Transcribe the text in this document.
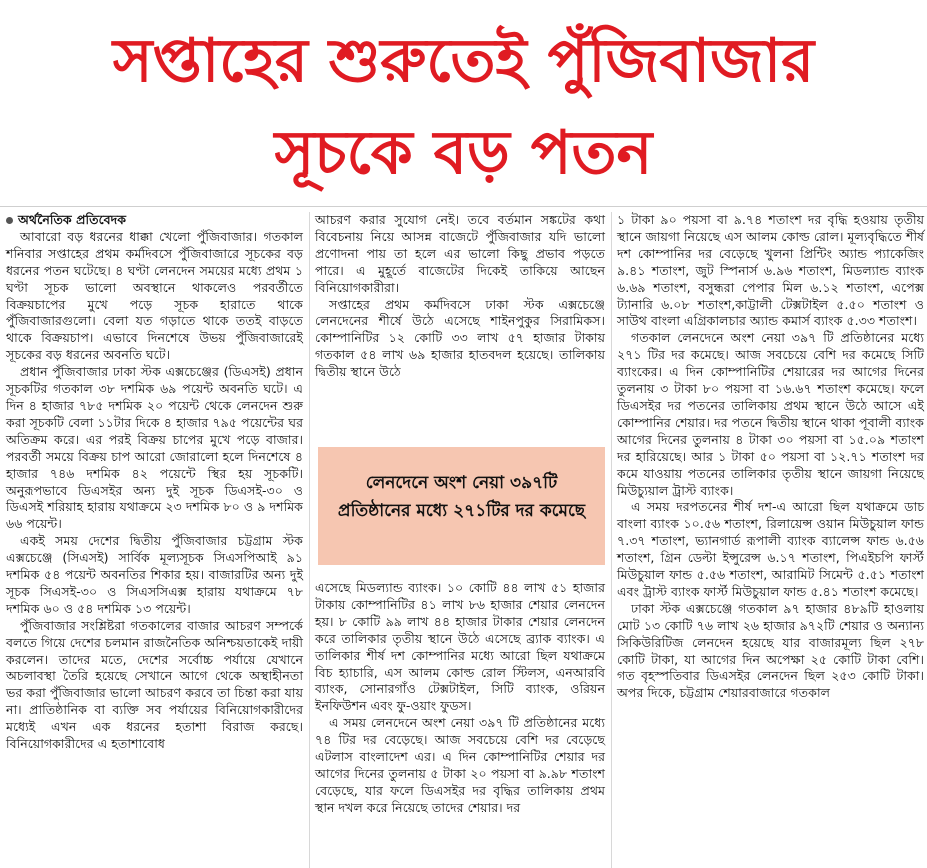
সপ্তাহের শুরুতেই পুঁজিবাজার
সূচকে বড় পতন

অর্থনৈতিক প্রতিবেদক

আবারো বড় ধরনের ধাক্কা খেলো পুঁজিবাজার। গতকাল শনিবার সপ্তাহের প্রথম কর্মদিবসে পুঁজিবাজারে সূচকের বড় ধরনের পতন ঘটেছে। ৪ ঘণ্টা লেনদেন সময়ের মধ্যে প্রথম ১ ঘণ্টা সূচক ভালো অবস্থানে থাকলেও পরবর্তীতে বিক্রয়চাপের মুখে পড়ে সূচক হারাতে থাকে পুঁজিবাজারগুলো। বেলা যত গড়াতে থাকে ততই বাড়তে থাকে বিক্রয়চাপ। এভাবে দিনশেষে উভয় পুঁজিবাজারেই সূচকের বড় ধরনের অবনতি ঘটে।

প্রধান পুঁজিবাজার ঢাকা স্টক এক্সচেঞ্জের (ডিএসই) প্রধান সূচকটির গতকাল ৩৮ দশমিক ৬৯ পয়েন্ট অবনতি ঘটে। এ দিন ৪ হাজার ৭৮৫ দশমিক ২০ পয়েন্ট থেকে লেনদেন শুরু করা সূচকটি বেলা ১১টার দিকে ৪ হাজার ৭৯৫ পয়েন্টের ঘর অতিক্রম করে। এর পরই বিক্রয় চাপের মুখে পড়ে বাজার। পরবর্তী সময়ে বিক্রয় চাপ আরো জোরালো হলে দিনশেষে ৪ হাজার ৭৪৬ দশমিক ৪২ পয়েন্টে স্থির হয় সূচকটি। অনুরূপভাবে ডিএসইর অন্য দুই সূচক ডিএসই-৩০ ও ডিএসই শরিয়াহ হারায় যথাক্রমে ২৩ দশমিক ৮০ ও ৯ দশমিক ৬৬ পয়েন্ট।

একই সময় দেশের দ্বিতীয় পুঁজিবাজার চট্টগ্রাম স্টক এক্সচেঞ্জে (সিএসই) সার্বিক মূল্যসূচক সিএসপিআই ৯১ দশমিক ৫৪ পয়েন্ট অবনতির শিকার হয়। বাজারটির অন্য দুই সূচক সিএসই-৩০ ও সিএসসিএক্স হারায় যথাক্রমে ৭৮ দশমিক ৬০ ও ৫৪ দশমিক ১৩ পয়েন্ট।

পুঁজিবাজার সংশ্লিষ্টরা গতকালের বাজার আচরণ সম্পর্কে বলতে গিয়ে দেশের চলমান রাজনৈতিক অনিশ্চয়তাকেই দায়ী করলেন। তাদের মতে, দেশের সর্বোচ্চ পর্যায়ে যেখানে অচলাবস্থা তৈরি হয়েছে সেখানে আগে থেকে অস্থাহীনতা ভর করা পুঁজিবাজার ভালো আচরণ করবে তা চিন্তা করা যায় না। প্রাতিষ্ঠানিক বা ব্যক্তি সব পর্যায়ের বিনিয়োগকারীদের মধ্যেই এখন এক ধরনের হতাশা বিরাজ করছে। বিনিয়োগকারীদের এ হতাশাবোধ

আচরণ করার সুযোগ নেই। তবে বর্তমান সঙ্কটের কথা বিবেচনায় নিয়ে আসন্ন বাজেটে পুঁজিবাজার যদি ভালো প্রণোদনা পায় তা হলে এর ভালো কিছু প্রভাব পড়তে পারে। এ মুহূর্তে বাজেটের দিকেই তাকিয়ে আছেন বিনিয়োগকারীরা।

সপ্তাহের প্রথম কর্মদিবসে ঢাকা স্টক এক্সচেঞ্জে লেনদেনের শীর্ষে উঠে এসেছে শাইনপুকুর সিরামিকস। কোম্পানিটির ১২ কোটি ৩৩ লাখ ৫৭ হাজার টাকায় গতকাল ৫৪ লাখ ৬৯ হাজার হাতবদল হয়েছে। তালিকায় দ্বিতীয় স্থানে উঠে

লেনদেনে অংশ নেয়া ৩৯৭টি প্রতিষ্ঠানের মধ্যে ২৭১টির দর কমেছে

এসেছে মিডল্যান্ড ব্যাংক। ১০ কোটি ৪৪ লাখ ৫১ হাজার টাকায় কোম্পানিটির ৪১ লাখ ৮৬ হাজার শেয়ার লেনদেন হয়। ৮ কোটি ৯৯ লাখ ৪৪ হাজার টাকার শেয়ার লেনদেন করে তালিকার তৃতীয় স্থানে উঠে এসেছে ব্র্যাক ব্যাংক। এ তালিকার শীর্ষ দশ কোম্পানির মধ্যে আরো ছিল যথাক্রমে বিচ হ্যাচারি, এস আলম কোল্ড রোল স্টিলস, এনআরবি ব্যাংক, সোনারগাঁও টেক্সটাইল, সিটি ব্যাংক, ওরিয়ন ইনফিউশন এবং ফু-ওয়াং ফুডস।

এ সময় লেনদেনে অংশ নেয়া ৩৯৭ টি প্রতিষ্ঠানের মধ্যে ৭৪ টির দর বেড়েছে। আজ সবচেয়ে বেশি দর বেড়েছে এটলাস বাংলাদেশ এর। এ দিন কোম্পানিটির শেয়ার দর আগের দিনের তুলনায় ৫ টাকা ২০ পয়সা বা ৯.৯৮ শতাংশ বেড়েছে, যার ফলে ডিএসইর দর বৃদ্ধির তালিকায় প্রথম স্থান দখল করে নিয়েছে তাদের শেয়ার। দর

১ টাকা ৯০ পয়সা বা ৯.৭৪ শতাংশ দর বৃদ্ধি হওয়ায় তৃতীয় স্থানে জায়গা নিয়েছে এস আলম কোল্ড রোল। মূল্যবৃদ্ধিতে শীর্ষ দশ কোম্পানির দর বেড়েছে খুলনা প্রিন্টিং অ্যান্ড প্যাকেজিং ৯.৪১ শতাংশ, জুট স্পিনার্স ৬.৯৬ শতাংশ, মিডল্যান্ড ব্যাংক ৬.৬৯ শতাংশ, বসুন্ধরা পেপার মিল ৬.১২ শতাংশ, এপেক্স ট্যানারি ৬.০৮ শতাংশ,কাট্টালী টেক্সটাইল ৫.৫০ শতাংশ ও সাউথ বাংলা এগ্রিকালচার অ্যান্ড কমার্স ব্যাংক ৫.৩৩ শতাংশ।

গতকাল লেনদেনে অংশ নেয়া ৩৯৭ টি প্রতিষ্ঠানের মধ্যে ২৭১ টির দর কমেছে। আজ সবচেয়ে বেশি দর কমেছে সিটি ব্যাংকের। এ দিন কোম্পানিটির শেয়ারের দর আগের দিনের তুলনায় ৩ টাকা ৮০ পয়সা বা ১৬.৬৭ শতাংশ কমেছে। ফলে ডিএসইর দর পতনের তালিকায় প্রথম স্থানে উঠে আসে এই কোম্পানির শেয়ার। দর পতনে দ্বিতীয় স্থানে থাকা পূবালী ব্যাংক আগের দিনের তুলনায় ৪ টাকা ৩০ পয়সা বা ১৫.০৯ শতাংশ দর হারিয়েছে। আর ১ টাকা ৫০ পয়সা বা ১২.৭১ শতাংশ দর কমে যাওয়ায় পতনের তালিকার তৃতীয় স্থানে জায়গা নিয়েছে মিউচ্যুয়াল ট্রাস্ট ব্যাংক।

এ সময় দরপতনের শীর্ষ দশ-এ আরো ছিল যথাক্রমে ডাচ বাংলা ব্যাংক ১০.৫৬ শতাংশ, রিলায়েন্স ওয়ান মিউচুয়াল ফান্ড ৭.৩৭ শতাংশ, ভ্যানগার্ড রূপালী ব্যাংক ব্যালেন্স ফান্ড ৬.৫৬ শতাংশ, গ্রিন ডেল্টা ইন্সুরেন্স ৬.১৭ শতাংশ, পিএইচপি ফার্স্ট মিউচুয়াল ফান্ড ৫.৫৬ শতাংশ, আরামিট সিমেন্ট ৫.৫১ শতাংশ এবং ট্রাস্ট ব্যাংক ফার্স্ট মিউচুয়াল ফান্ড ৫.৪১ শতাংশ কমেছে।

ঢাকা স্টক এক্সচেঞ্জে গতকাল ৯৭ হাজার ৪৮৯টি হাওলায় মোট ১৩ কোটি ৭৬ লাখ ২৬ হাজার ৯৭২টি শেয়ার ও অন্যান্য সিকিউরিটিজ লেনদেন হয়েছে যার বাজারমূল্য ছিল ২৭৮ কোটি টাকা, যা আগের দিন অপেক্ষা ২৫ কোটি টাকা বেশি। গত বৃহস্পতিবার ডিএসইর লেনদেন ছিল ২৫৩ কোটি টাকা। অপর দিকে, চট্টগ্রাম শেয়ারবাজারে গতকাল
